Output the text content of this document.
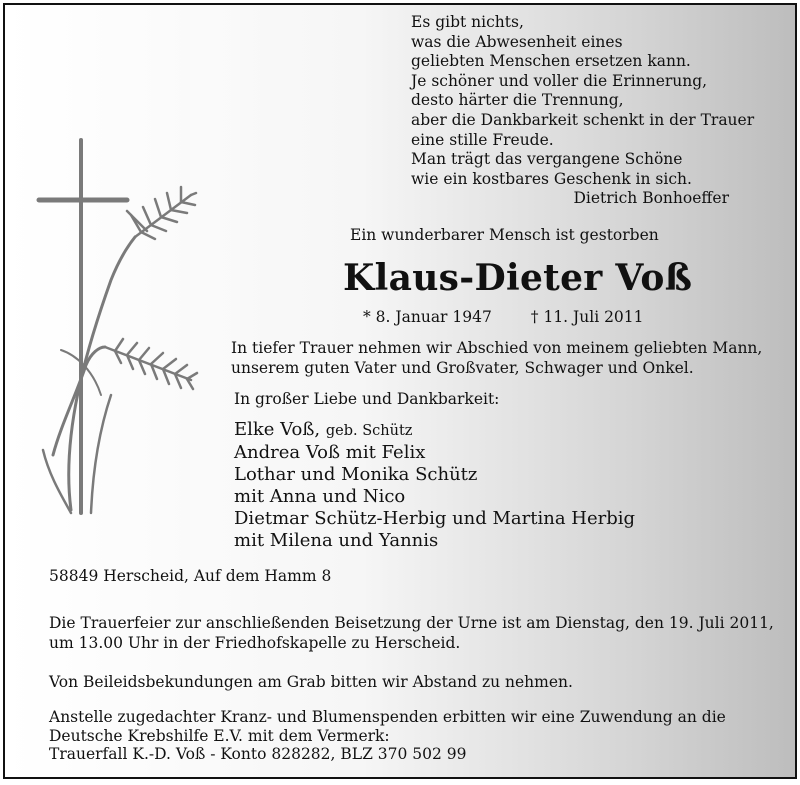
Es gibt nichts,
was die Abwesenheit eines
geliebten Menschen ersetzen kann.
Je schöner und voller die Erinnerung,
desto härter die Trennung,
aber die Dankbarkeit schenkt in der Trauer
eine stille Freude.
Man trägt das vergangene Schöne
wie ein kostbares Geschenk in sich.
Dietrich Bonhoeffer
Ein wunderbarer Mensch ist gestorben
Klaus-Dieter Voß
* 8. Januar 1947	† 11. Juli 2011
In tiefer Trauer nehmen wir Abschied von meinem geliebten Mann,
unserem guten Vater und Großvater, Schwager und Onkel.
In großer Liebe und Dankbarkeit:
Elke Voß, geb. Schütz
Andrea Voß mit Felix
Lothar und Monika Schütz
mit Anna und Nico
Dietmar Schütz-Herbig und Martina Herbig
mit Milena und Yannis
58849 Herscheid, Auf dem Hamm 8
Die Trauerfeier zur anschließenden Beisetzung der Urne ist am Dienstag, den 19. Juli 2011,
um 13.00 Uhr in der Friedhofskapelle zu Herscheid.
Von Beileidsbekundungen am Grab bitten wir Abstand zu nehmen.
Anstelle zugedachter Kranz- und Blumenspenden erbitten wir eine Zuwendung an die
Deutsche Krebshilfe E.V. mit dem Vermerk:
Trauerfall K.-D. Voß - Konto 828282, BLZ 370 502 99
